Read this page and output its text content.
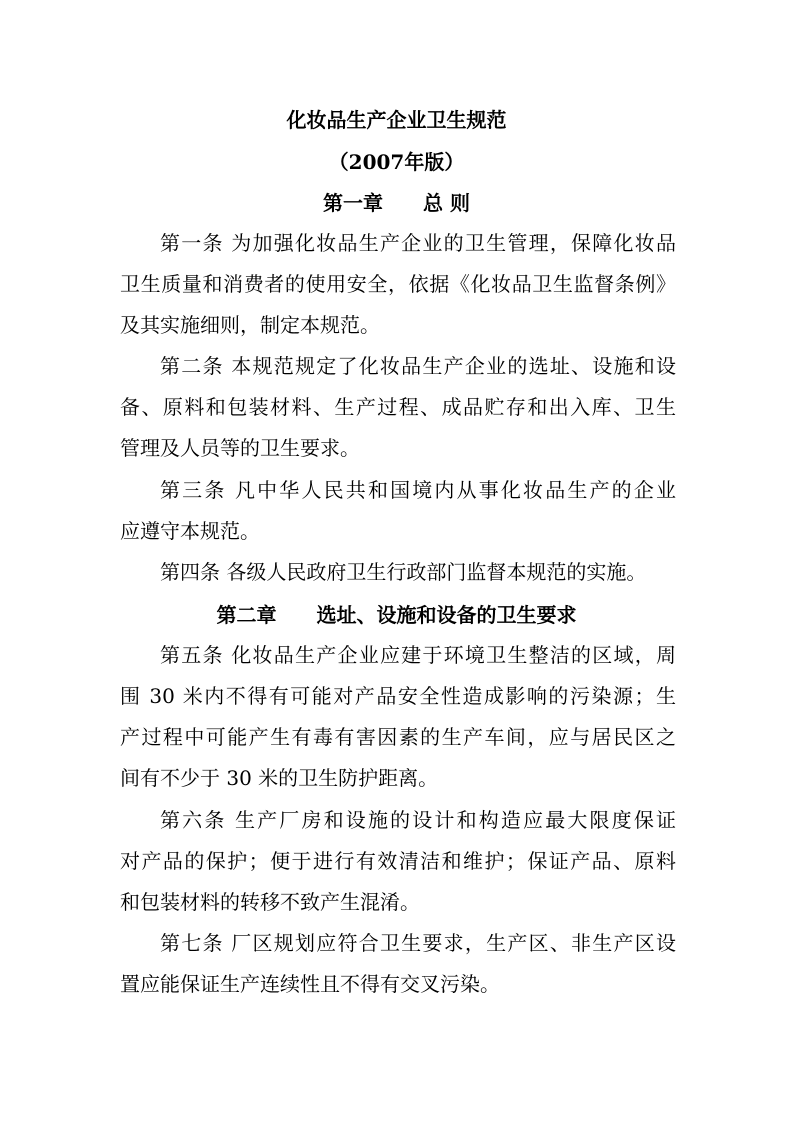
化妆品生产企业卫生规范
（2007年版）
第一章　　总 则
第一条 为加强化妆品生产企业的卫生管理，保障化妆品
卫生质量和消费者的使用安全，依据《化妆品卫生监督条例》
及其实施细则，制定本规范。
第二条 本规范规定了化妆品生产企业的选址、设施和设
备、原料和包装材料、生产过程、成品贮存和出入库、卫生
管理及人员等的卫生要求。
第三条 凡中华人民共和国境内从事化妆品生产的企业
应遵守本规范。
第四条 各级人民政府卫生行政部门监督本规范的实施。
第二章　　选址、设施和设备的卫生要求
第五条 化妆品生产企业应建于环境卫生整洁的区域，周
围 30 米内不得有可能对产品安全性造成影响的污染源；生
产过程中可能产生有毒有害因素的生产车间，应与居民区之
间有不少于 30 米的卫生防护距离。
第六条 生产厂房和设施的设计和构造应最大限度保证
对产品的保护；便于进行有效清洁和维护；保证产品、原料
和包装材料的转移不致产生混淆。
第七条 厂区规划应符合卫生要求，生产区、非生产区设
置应能保证生产连续性且不得有交叉污染。
